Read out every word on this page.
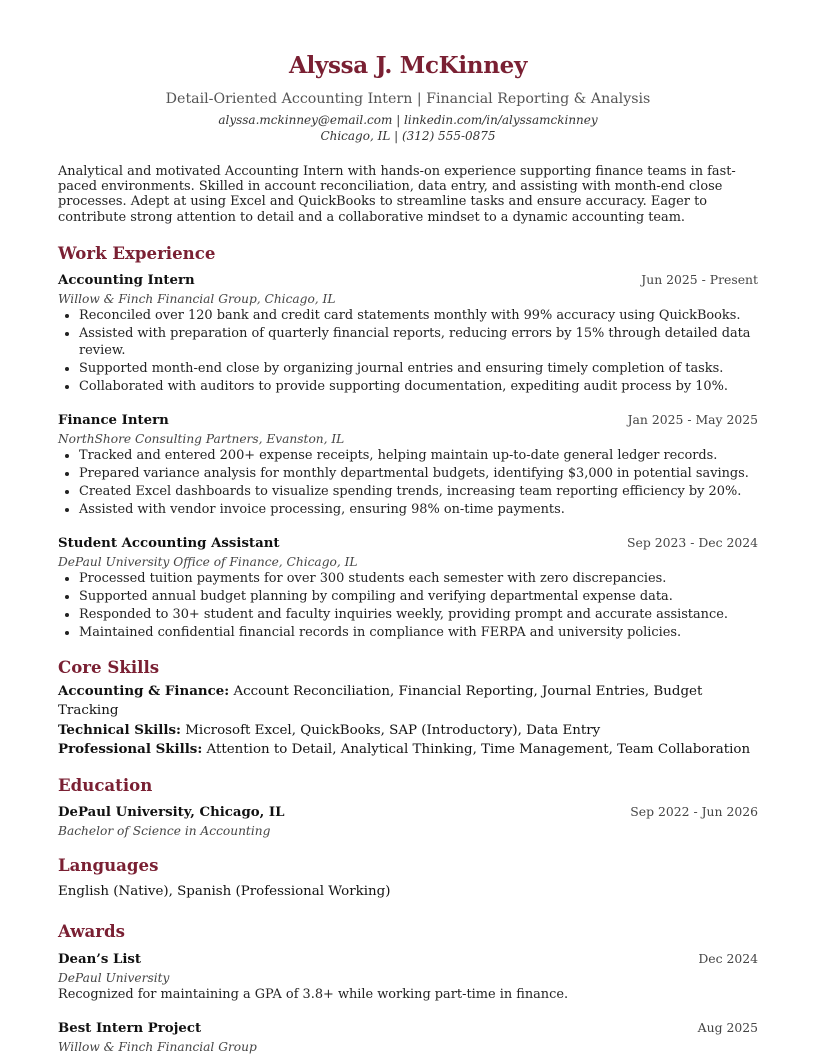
Alyssa J. McKinney
Detail-Oriented Accounting Intern | Financial Reporting & Analysis
alyssa.mckinney@email.com | linkedin.com/in/alyssamckinney
Chicago, IL | (312) 555-0875
Analytical and motivated Accounting Intern with hands-on experience supporting finance teams in fast-paced environments. Skilled in account reconciliation, data entry, and assisting with month-end close processes. Adept at using Excel and QuickBooks to streamline tasks and ensure accuracy. Eager to contribute strong attention to detail and a collaborative mindset to a dynamic accounting team.
Work Experience
Accounting Intern	Jun 2025 - Present
Willow & Finch Financial Group, Chicago, IL
• Reconciled over 120 bank and credit card statements monthly with 99% accuracy using QuickBooks.
• Assisted with preparation of quarterly financial reports, reducing errors by 15% through detailed data review.
• Supported month-end close by organizing journal entries and ensuring timely completion of tasks.
• Collaborated with auditors to provide supporting documentation, expediting audit process by 10%.
Finance Intern	Jan 2025 - May 2025
NorthShore Consulting Partners, Evanston, IL
• Tracked and entered 200+ expense receipts, helping maintain up-to-date general ledger records.
• Prepared variance analysis for monthly departmental budgets, identifying $3,000 in potential savings.
• Created Excel dashboards to visualize spending trends, increasing team reporting efficiency by 20%.
• Assisted with vendor invoice processing, ensuring 98% on-time payments.
Student Accounting Assistant	Sep 2023 - Dec 2024
DePaul University Office of Finance, Chicago, IL
• Processed tuition payments for over 300 students each semester with zero discrepancies.
• Supported annual budget planning by compiling and verifying departmental expense data.
• Responded to 30+ student and faculty inquiries weekly, providing prompt and accurate assistance.
• Maintained confidential financial records in compliance with FERPA and university policies.
Core Skills
Accounting & Finance: Account Reconciliation, Financial Reporting, Journal Entries, Budget Tracking
Technical Skills: Microsoft Excel, QuickBooks, SAP (Introductory), Data Entry
Professional Skills: Attention to Detail, Analytical Thinking, Time Management, Team Collaboration
Education
DePaul University, Chicago, IL	Sep 2022 - Jun 2026
Bachelor of Science in Accounting
Languages
English (Native), Spanish (Professional Working)
Awards
Dean’s List	Dec 2024
DePaul University
Recognized for maintaining a GPA of 3.8+ while working part-time in finance.
Best Intern Project	Aug 2025
Willow & Finch Financial Group
